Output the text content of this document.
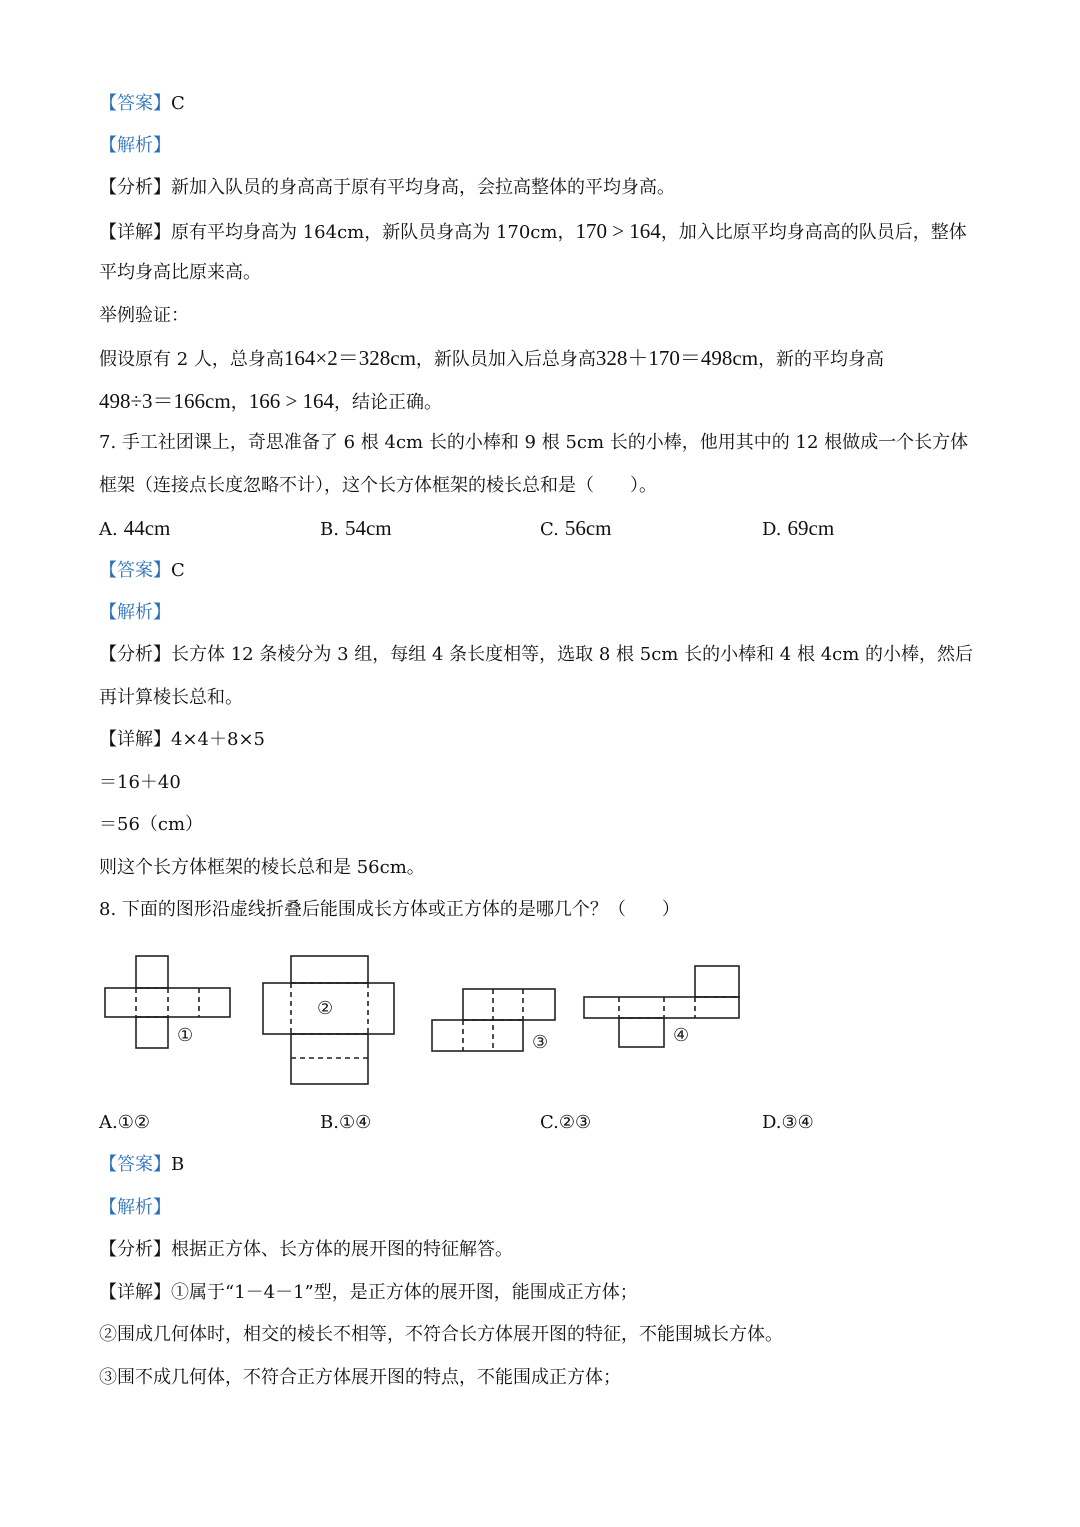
【答案】C
【解析】
【分析】新加入队员的身高高于原有平均身高，会拉高整体的平均身高。
【详解】原有平均身高为 164cm，新队员身高为 170cm，170 > 164，加入比原平均身高高的队员后，整体
平均身高比原来高。
举例验证：
假设原有 2 人，总身高164×2＝328cm，新队员加入后总身高328＋170＝498cm，新的平均身高
498÷3＝166cm，166 > 164，结论正确。
7. 手工社团课上，奇思准备了 6 根 4cm 长的小棒和 9 根 5cm 长的小棒，他用其中的 12 根做成一个长方体
框架（连接点长度忽略不计），这个长方体框架的棱长总和是（　　）。
A. 44cm	B. 54cm	C. 56cm	D. 69cm
【答案】C
【解析】
【分析】长方体 12 条棱分为 3 组，每组 4 条长度相等，选取 8 根 5cm 长的小棒和 4 根 4cm 的小棒，然后
再计算棱长总和。
【详解】4×4＋8×5
＝16＋40
＝56（cm）
则这个长方体框架的棱长总和是 56cm。
8. 下面的图形沿虚线折叠后能围成长方体或正方体的是哪几个？（　　）
①
②
③	④
A.①②	B.①④	C.②③	D.③④
【答案】B
【解析】
【分析】根据正方体、长方体的展开图的特征解答。
【详解】①属于“1－4－1”型，是正方体的展开图，能围成正方体；
②围成几何体时，相交的棱长不相等，不符合长方体展开图的特征，不能围城长方体。
③围不成几何体，不符合正方体展开图的特点，不能围成正方体；
